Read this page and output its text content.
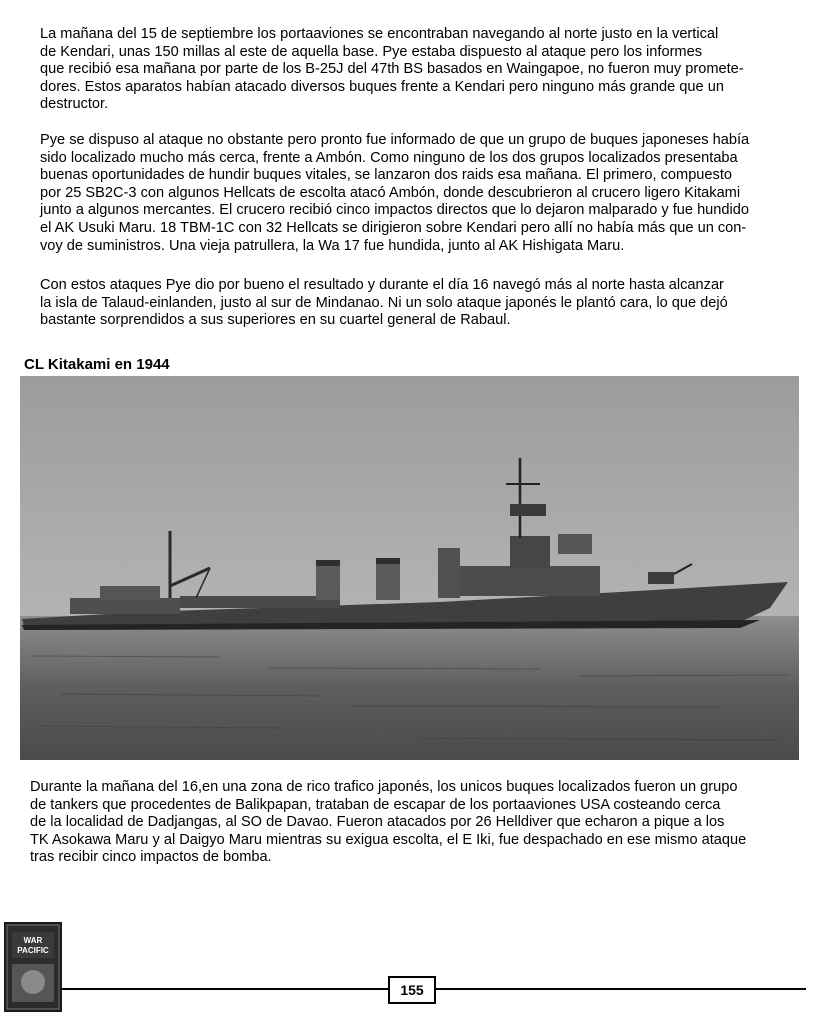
La mañana del 15 de septiembre los portaaviones se encontraban navegando al norte justo en la vertical
de Kendari, unas 150 millas al este de aquella base. Pye estaba dispuesto al ataque pero los informes
que recibió esa mañana por parte de los B-25J del 47th BS basados en Waingapoe, no fueron muy promete-
dores. Estos aparatos habían atacado diversos buques frente a Kendari pero ninguno más grande que un
destructor.
Pye se dispuso al ataque no obstante pero pronto fue informado de que un grupo de buques japoneses había
sido localizado mucho más cerca, frente a Ambón. Como ninguno de los dos grupos localizados presentaba
buenas oportunidades de hundir buques vitales, se lanzaron dos raids esa mañana. El primero, compuesto
por 25 SB2C-3 con algunos Hellcats de escolta atacó Ambón, donde descubrieron al crucero ligero Kitakami
junto a algunos mercantes. El crucero recibió cinco impactos directos que lo dejaron malparado y fue hundido
el AK Usuki Maru. 18 TBM-1C con 32 Hellcats se dirigieron sobre Kendari pero allí no había más que un con-
voy de suministros. Una vieja patrullera, la Wa 17 fue hundida, junto al AK Hishigata Maru.
Con estos ataques Pye dio por bueno el resultado y durante el día 16 navegó más al norte hasta alcanzar
la isla de Talaud-einlanden, justo al sur de Mindanao. Ni un solo ataque japonés le plantó cara, lo que dejó
bastante sorprendidos a sus superiores en su cuartel general de Rabaul.
CL Kitakami en 1944
Durante la mañana del 16,en una zona de rico trafico japonés, los unicos buques localizados fueron un grupo
de tankers que procedentes de Balikpapan, trataban de escapar de los portaaviones USA costeando cerca
de la localidad de Dadjangas, al SO de Davao. Fueron atacados por 26 Helldiver que echaron a pique a los
TK Asokawa Maru y al Daigyo Maru mientras su exigua escolta, el E Iki, fue despachado en ese mismo ataque
tras recibir cinco impactos de bomba.
WAR
PACIFIC
155
